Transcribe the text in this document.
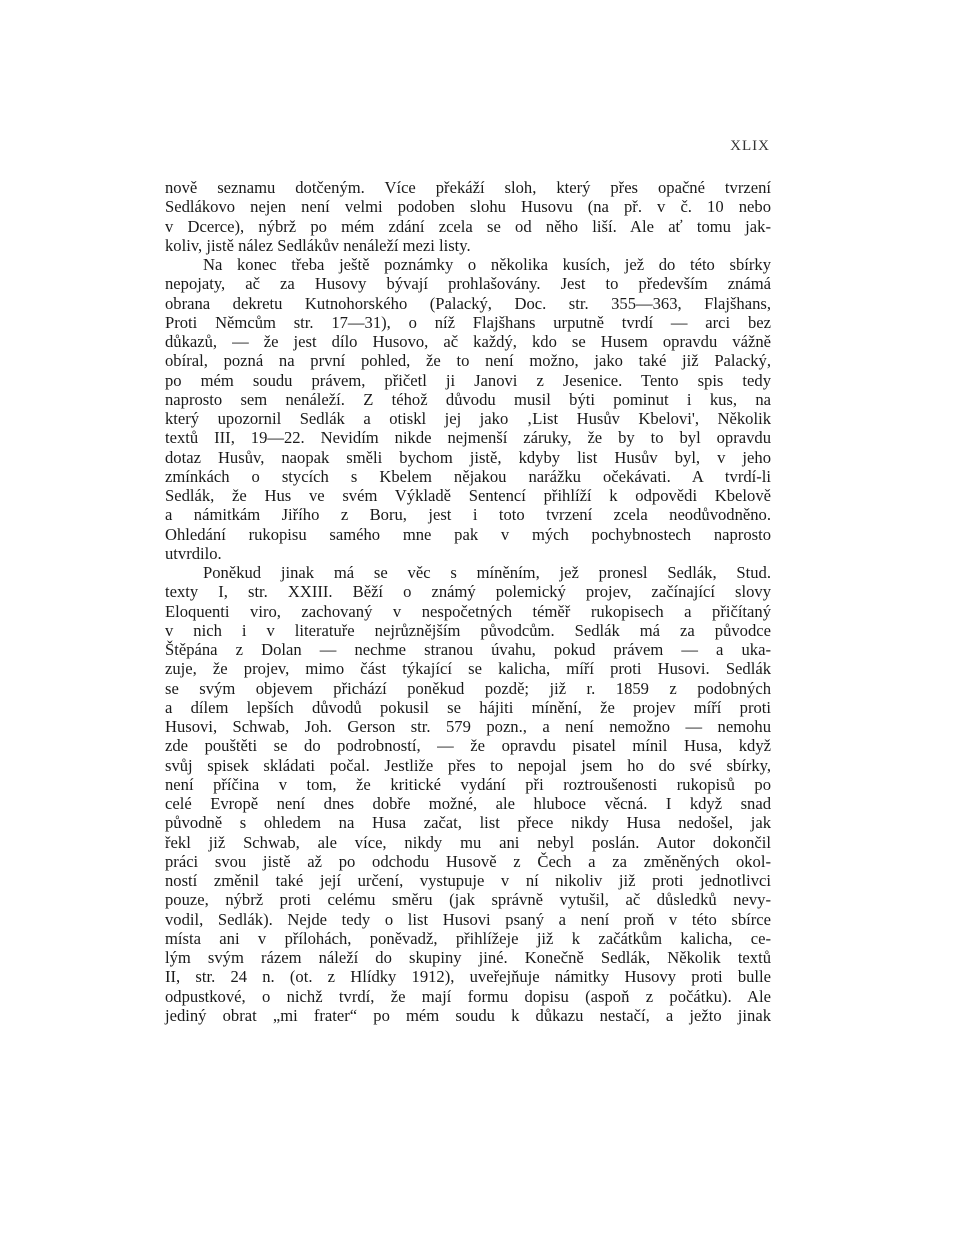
XLIX
nově seznamu dotčeným. Více překáží sloh, který přes opačné tvrzení
Sedlákovo nejen není velmi podoben slohu Husovu (na př. v č. 10 nebo
v Dcerce), nýbrž po mém zdání zcela se od něho liší. Ale ať tomu jak-
koliv, jistě nález Sedlákův nenáleží mezi listy.
Na konec třeba ještě poznámky o několika kusích, jež do této sbírky
nepojaty, ač za Husovy bývají prohlašovány. Jest to především známá
obrana dekretu Kutnohorského (Palacký, Doc. str. 355—363, Flajšhans,
Proti Němcům str. 17—31), o níž Flajšhans urputně tvrdí — arci bez
důkazů, — že jest dílo Husovo, ač každý, kdo se Husem opravdu vážně
obíral, pozná na první pohled, že to není možno, jako také již Palacký,
po mém soudu právem, přičetl ji Janovi z Jesenice. Tento spis tedy
naprosto sem nenáleží. Z téhož důvodu musil býti pominut i kus, na
který upozornil Sedlák a otiskl jej jako ‚List Husův Kbelovi', Několik
textů III, 19—22. Nevidím nikde nejmenší záruky, že by to byl opravdu
dotaz Husův, naopak směli bychom jistě, kdyby list Husův byl, v jeho
zmínkách o stycích s Kbelem nějakou narážku očekávati. A tvrdí-li
Sedlák, že Hus ve svém Výkladě Sentencí přihlíží k odpovědi Kbelově
a námitkám Jiřího z Boru, jest i toto tvrzení zcela neodůvodněno.
Ohledání rukopisu samého mne pak v mých pochybnostech naprosto
utvrdilo.
Poněkud jinak má se věc s míněním, jež pronesl Sedlák, Stud.
texty I, str. XXIII. Běží o známý polemický projev, začínající slovy
Eloquenti viro, zachovaný v nespočetných téměř rukopisech a přičítaný
v nich i v literatuře nejrůznějším původcům. Sedlák má za původce
Štěpána z Dolan — nechme stranou úvahu, pokud právem — a uka-
zuje, že projev, mimo část týkající se kalicha, míří proti Husovi. Sedlák
se svým objevem přichází poněkud pozdě; již r. 1859 z podobných
a dílem lepších důvodů pokusil se hájiti mínění, že projev míří proti
Husovi, Schwab, Joh. Gerson str. 579 pozn., a není nemožno — nemohu
zde pouštěti se do podrobností, — že opravdu pisatel mínil Husa, když
svůj spisek skládati počal. Jestliže přes to nepojal jsem ho do své sbírky,
není příčina v tom, že kritické vydání při roztroušenosti rukopisů po
celé Evropě není dnes dobře možné, ale hluboce věcná. I když snad
původně s ohledem na Husa začat, list přece nikdy Husa nedošel, jak
řekl již Schwab, ale více, nikdy mu ani nebyl poslán. Autor dokončil
práci svou jistě až po odchodu Husově z Čech a za změněných okol-
ností změnil také její určení, vystupuje v ní nikoliv již proti jednotlivci
pouze, nýbrž proti celému směru (jak správně vytušil, ač důsledků nevy-
vodil, Sedlák). Nejde tedy o list Husovi psaný a není proň v této sbírce
místa ani v přílohách, poněvadž, přihlížeje již k začátkům kalicha, ce-
lým svým rázem náleží do skupiny jiné. Konečně Sedlák, Několik textů
II, str. 24 n. (ot. z Hlídky 1912), uveřejňuje námitky Husovy proti bulle
odpustkové, o nichž tvrdí, že mají formu dopisu (aspoň z počátku). Ale
jediný obrat „mi frater“ po mém soudu k důkazu nestačí, a ježto jinak
